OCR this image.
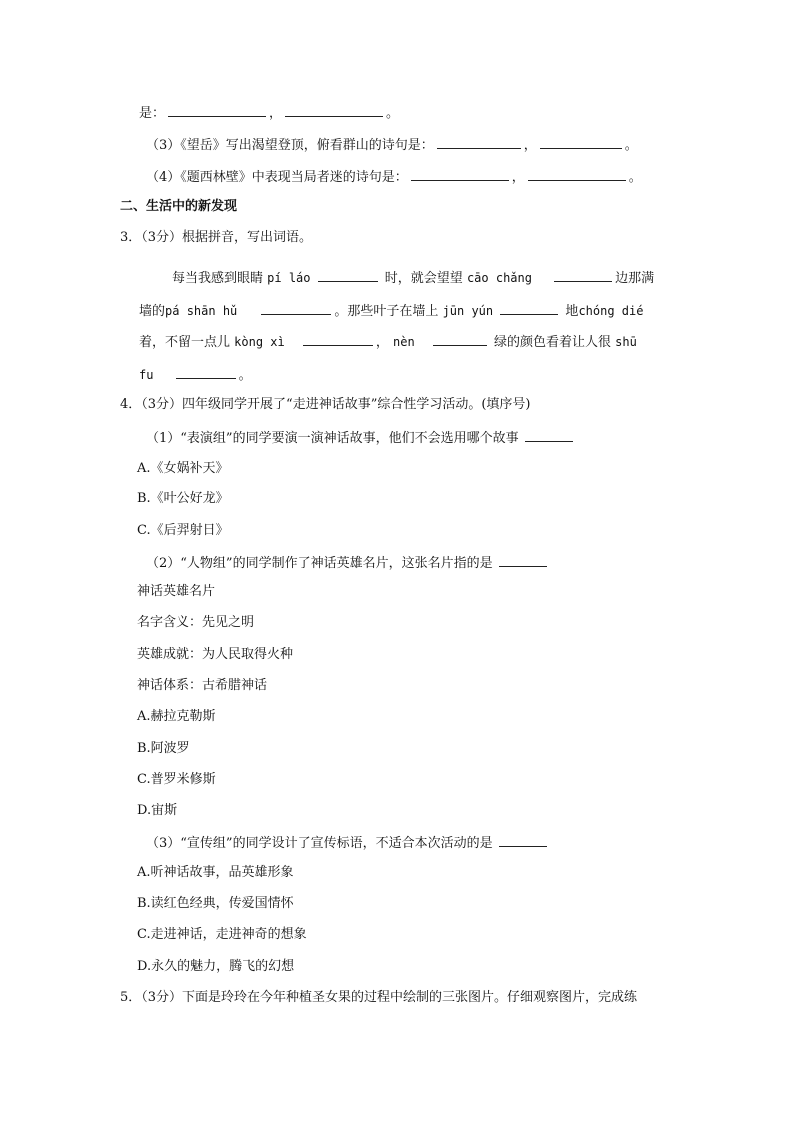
是：	，	。
（3）《望岳》写出渴望登顶，俯看群山的诗句是：	，	。
（4）《题西林壁》中表现当局者迷的诗句是：	，	。
二、生活中的新发现
3．（3分）根据拼音，写出词语。
每当我感到眼睛 pí láo	时，就会望望 cāo chǎng	边那满
墙的pá shān hǔ	。那些叶子在墙上 jūn yún	地chóng dié
着，不留一点儿 kòng xì	， nèn	绿的颜色看着让人很 shū
fu	。
4．（3分）四年级同学开展了“走进神话故事”综合性学习活动。(填序号)
（1）“表演组”的同学要演一演神话故事，他们不会选用哪个故事
A.《女娲补天》
B.《叶公好龙》
C.《后羿射日》
（2）“人物组”的同学制作了神话英雄名片，这张名片指的是
神话英雄名片
名字含义：先见之明
英雄成就：为人民取得火种
神话体系：古希腊神话
A.赫拉克勒斯
B.阿波罗
C.普罗米修斯
D.宙斯
（3）“宣传组”的同学设计了宣传标语，不适合本次活动的是
A.听神话故事，品英雄形象
B.读红色经典，传爱国情怀
C.走进神话，走进神奇的想象
D.永久的魅力，腾飞的幻想
5．（3分）下面是玲玲在今年种植圣女果的过程中绘制的三张图片。仔细观察图片，完成练
